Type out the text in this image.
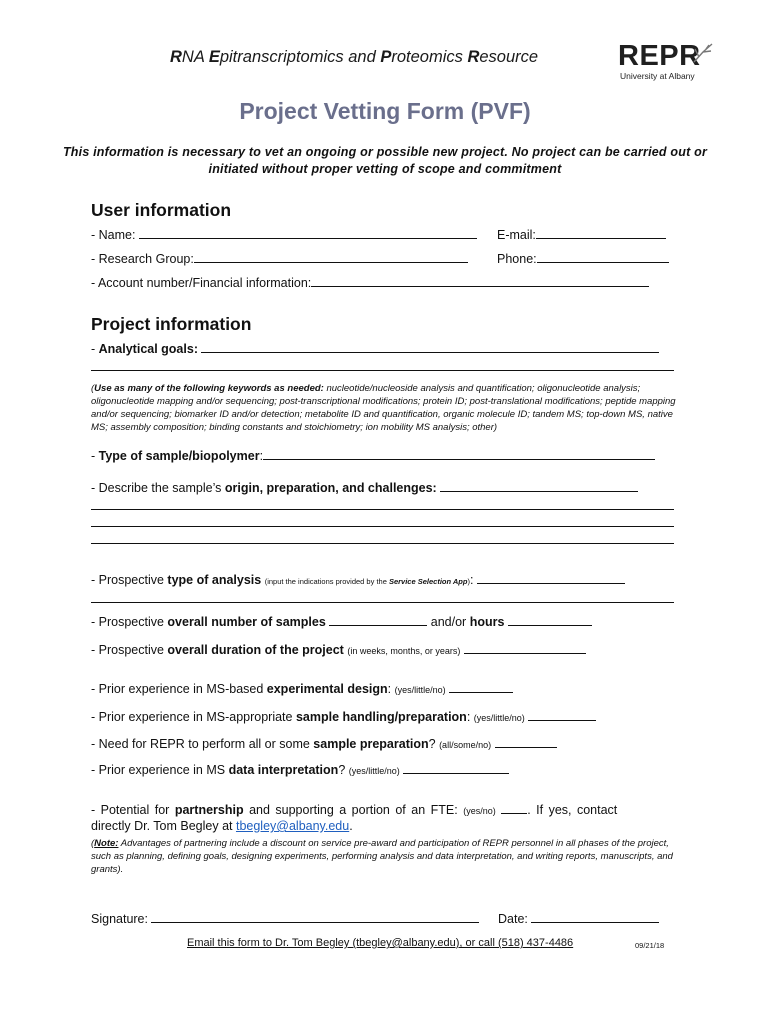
RNA Epitranscriptomics and Proteomics Resource	REPR
University at Albany
Project Vetting Form (PVF)
This information is necessary to vet an ongoing or possible new project. No project can be carried out or initiated without proper vetting of scope and commitment
User information
- Name:	E-mail:
- Research Group:	Phone:
- Account number/Financial information:
Project information
- Analytical goals:
(Use as many of the following keywords as needed: nucleotide/nucleoside analysis and quantification; oligonucleotide analysis; oligonucleotide mapping and/or sequencing; post-transcriptional modifications; protein ID; post-translational modifications; peptide mapping and/or sequencing; biomarker ID and/or detection; metabolite ID and quantification, organic molecule ID; tandem MS; top-down MS, native MS; assembly composition; binding constants and stoichiometry; ion mobility MS analysis; other)
- Type of sample/biopolymer:
- Describe the sample’s origin, preparation, and challenges:
- Prospective type of analysis (input the indications provided by the Service Selection App):
- Prospective overall number of samples	and/or hours
- Prospective overall duration of the project (in weeks, months, or years)
- Prior experience in MS-based experimental design: (yes/little/no)
- Prior experience in MS-appropriate sample handling/preparation: (yes/little/no)
- Need for REPR to perform all or some sample preparation? (all/some/no)
- Prior experience in MS data interpretation? (yes/little/no)
- Potential for partnership and supporting a portion of an FTE: (yes/no)	. If yes, contact
directly Dr. Tom Begley at tbegley@albany.edu.
(Note: Advantages of partnering include a discount on service pre-award and participation of REPR personnel in all phases of the project, such as planning, defining goals, designing experiments, performing analysis and data interpretation, and writing reports, manuscripts, and grants).
Signature:	Date:
Email this form to Dr. Tom Begley (tbegley@albany.edu), or call (518) 437-4486	09/21/18
